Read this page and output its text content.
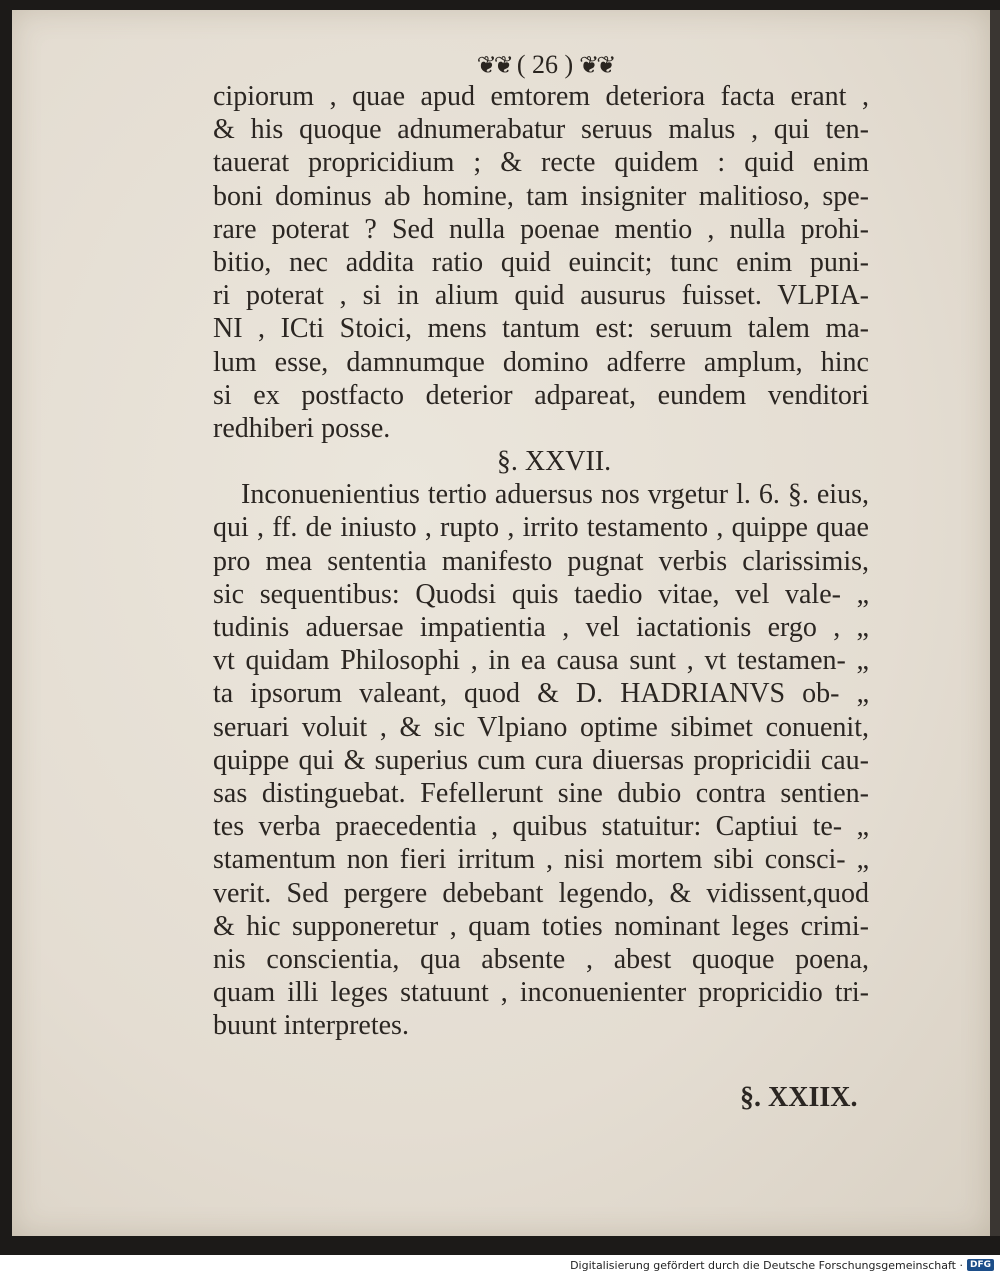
❦❦ ( 26 ) ❦❦
cipiorum , quae apud emtorem deteriora facta erant ,
& his quoque adnumerabatur seruus malus , qui ten-
tauerat propricidium ; & recte quidem : quid enim
boni dominus ab homine, tam insigniter malitioso, spe-
rare poterat ? Sed nulla poenae mentio , nulla prohi-
bitio, nec addita ratio quid euincit; tunc enim puni-
ri poterat , si in alium quid ausurus fuisset. VLPIA-
NI , ICti Stoici, mens tantum est: seruum talem ma-
lum esse, damnumque domino adferre amplum, hinc
si ex postfacto deterior adpareat, eundem venditori
redhiberi posse.
§. XXVII.
Inconuenientius tertio aduersus nos vrgetur l. 6. §. eius,
qui , ff. de iniusto , rupto , irrito testamento , quippe quae
pro mea sententia manifesto pugnat verbis clarissimis,
sic sequentibus: Quodsi quis taedio vitae, vel vale- „
tudinis aduersae impatientia , vel iactationis ergo , „
vt quidam Philosophi , in ea causa sunt , vt testamen- „
ta ipsorum valeant, quod & D. HADRIANVS ob- „
seruari voluit , & sic Vlpiano optime sibimet conuenit,
quippe qui & superius cum cura diuersas propricidii cau-
sas distinguebat. Fefellerunt sine dubio contra sentien-
tes verba praecedentia , quibus statuitur: Captiui te- „
stamentum non fieri irritum , nisi mortem sibi consci- „
verit. Sed pergere debebant legendo, & vidissent,quod
& hic supponeretur , quam toties nominant leges crimi-
nis conscientia, qua absente , abest quoque poena,
quam illi leges statuunt , inconuenienter propricidio tri-
buunt interpretes.
§. XXIIX.
Digitalisierung gefördert durch die Deutsche Forschungsgemeinschaft · DFG
